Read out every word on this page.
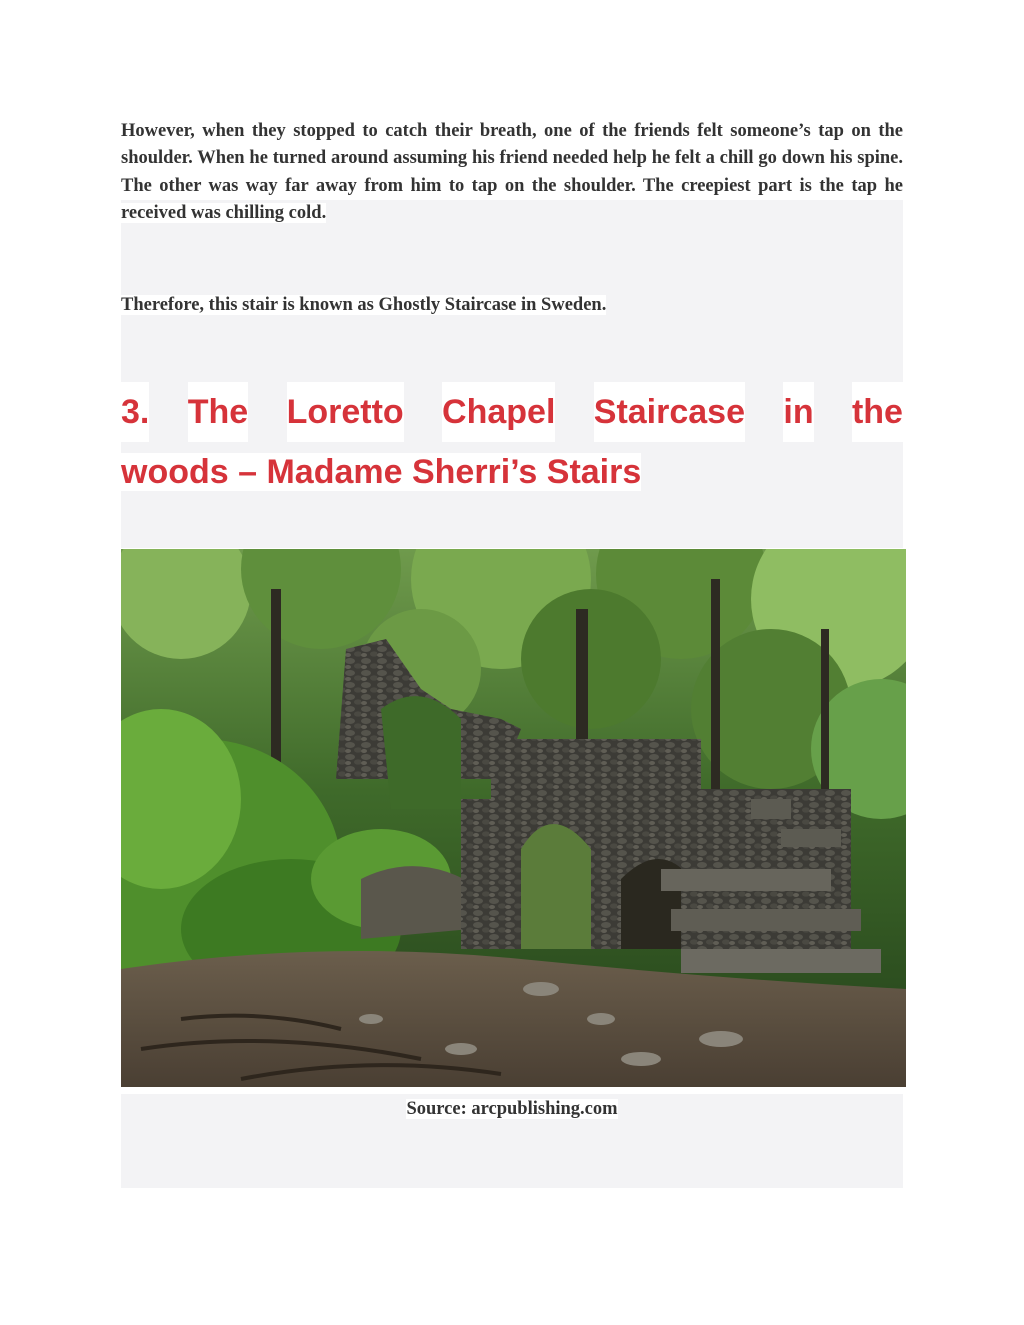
However, when they stopped to catch their breath, one of the friends felt someone’s tap on the shoulder. When he turned around assuming his friend needed help he felt a chill go down his spine. The other was way far away from him to tap on the shoulder. The creepiest part is the tap he received was chilling cold.

Therefore, this stair is known as Ghostly Staircase in Sweden.

3. The Loretto Chapel Staircase in the
woods – Madame Sherri’s Stairs

Source: arcpublishing.com
